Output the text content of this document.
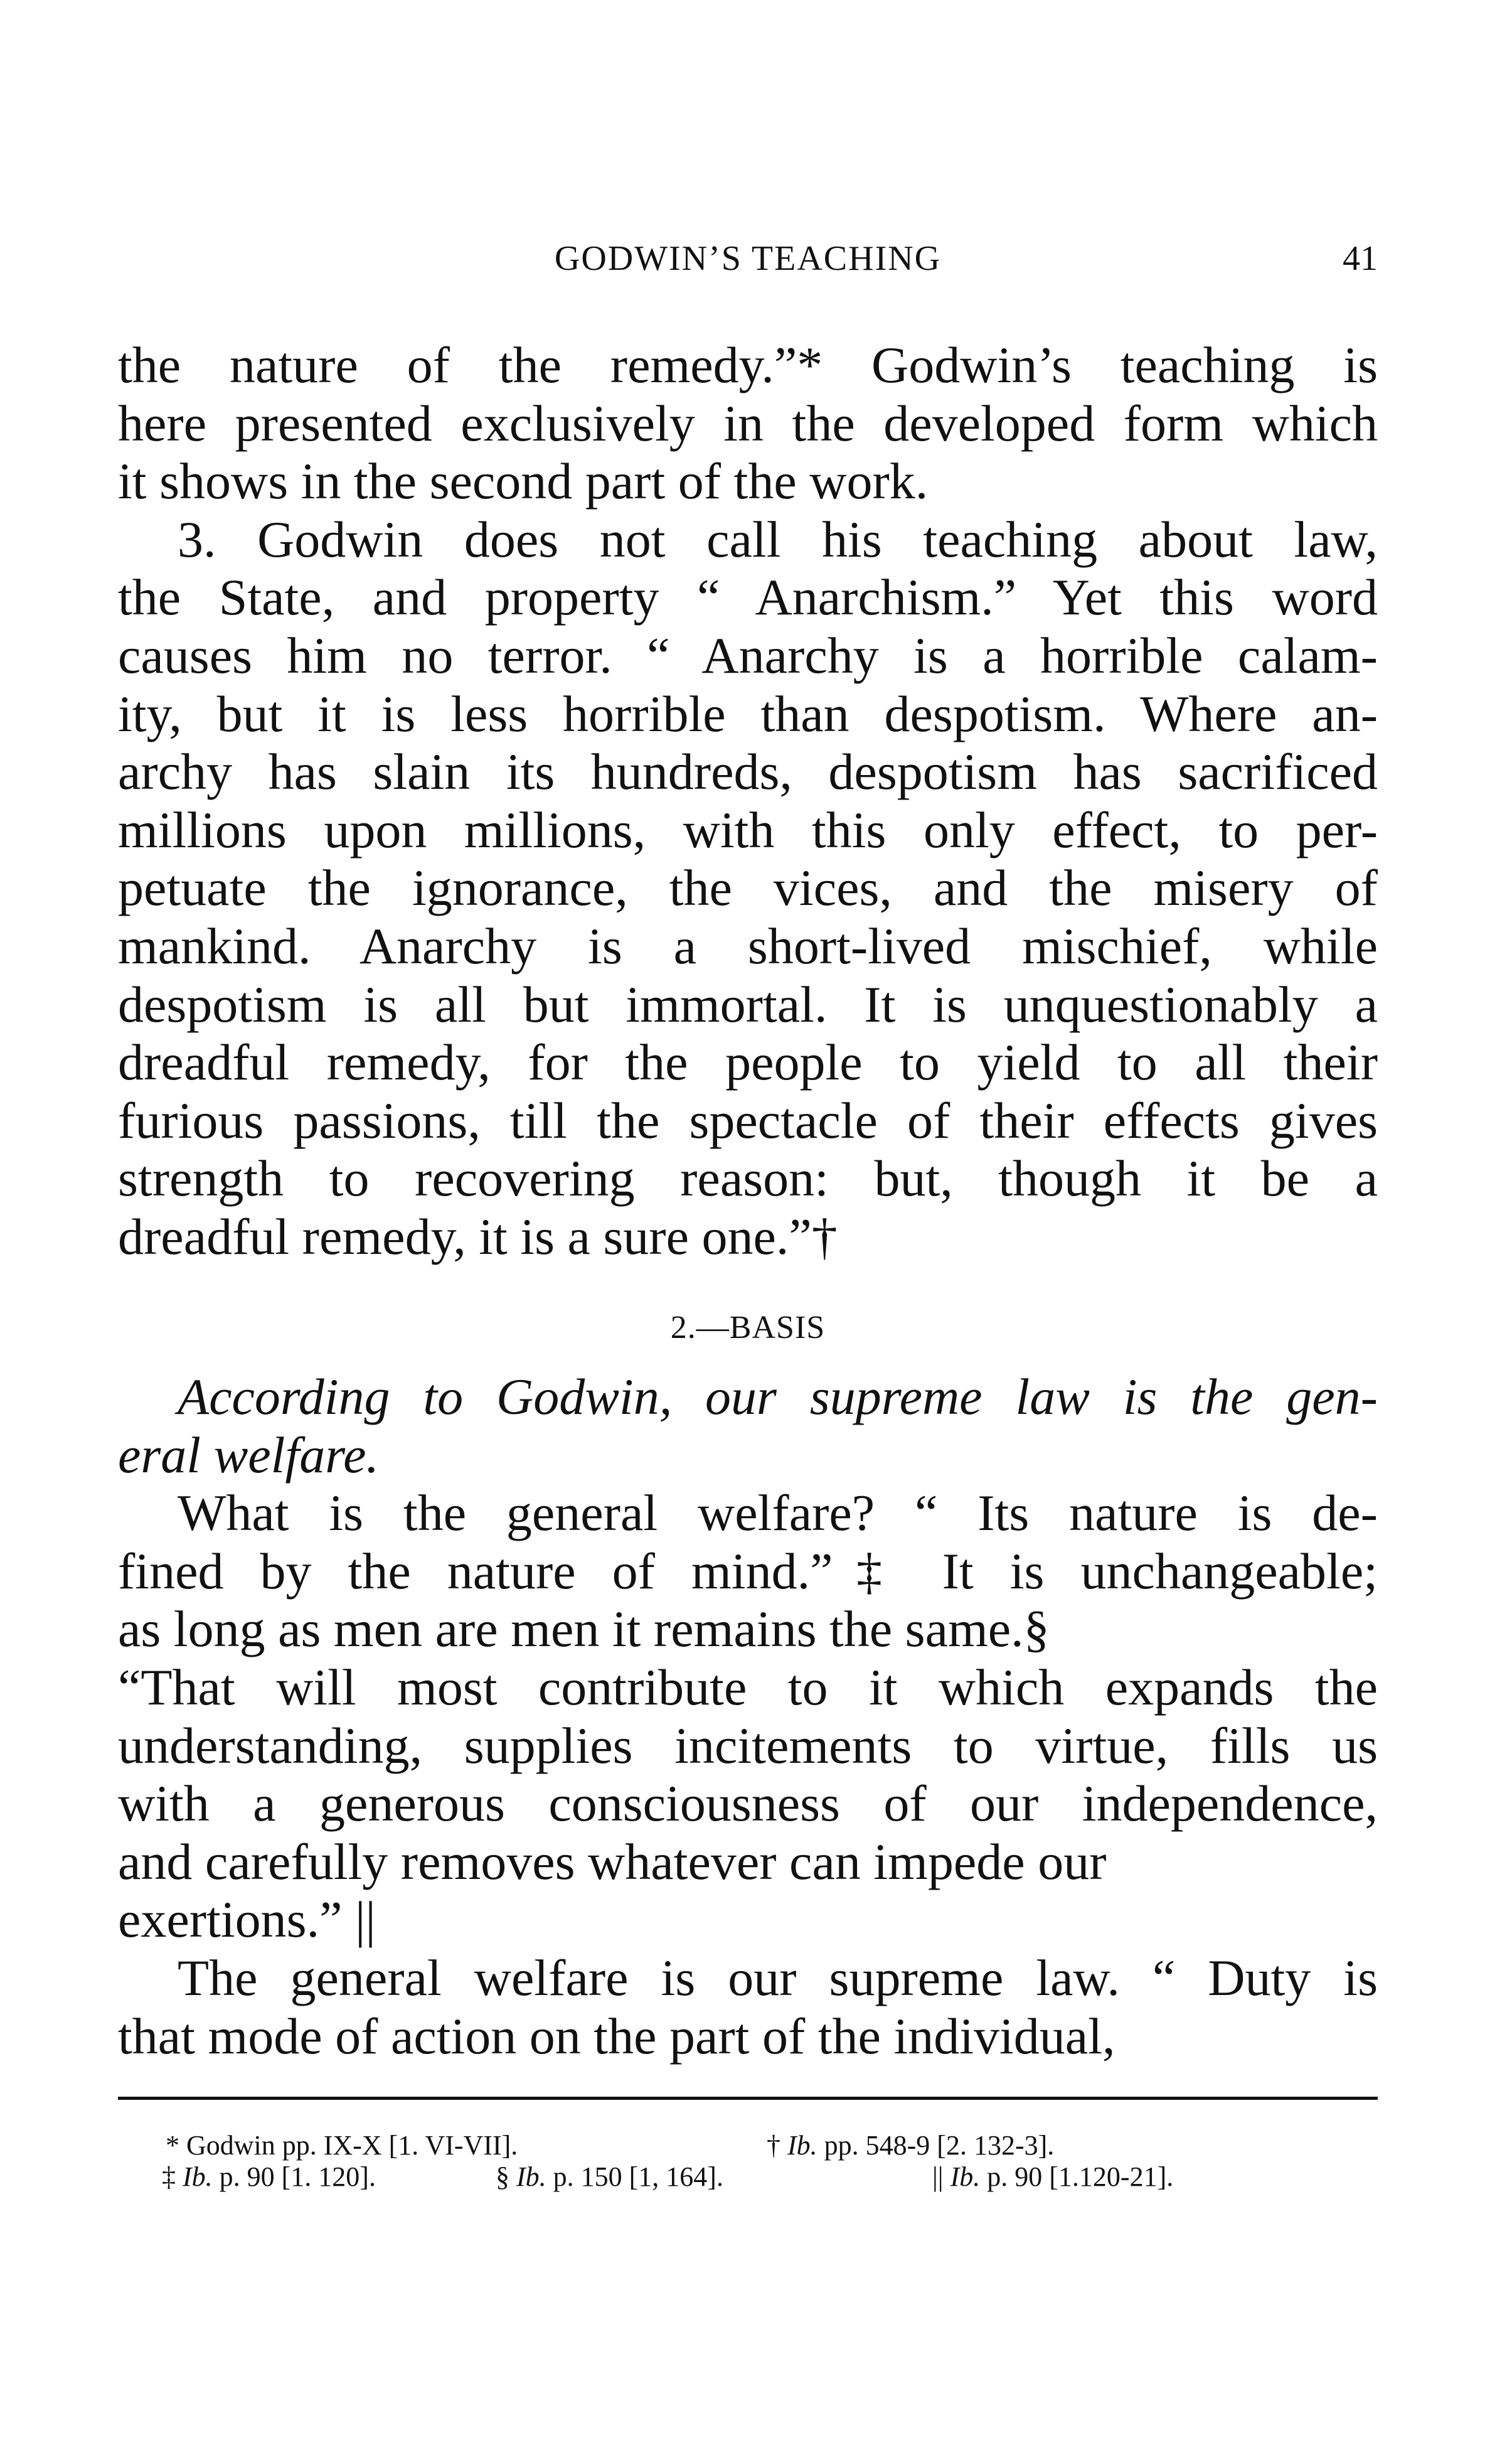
GODWIN’S TEACHING	41
the nature of the remedy.”* Godwin’s teaching is
here presented exclusively in the developed form which
it shows in the second part of the work.
3. Godwin does not call his teaching about law,
the State, and property “ Anarchism.” Yet this word
causes him no terror. “ Anarchy is a horrible calam-
ity, but it is less horrible than despotism. Where an-
archy has slain its hundreds, despotism has sacrificed
millions upon millions, with this only effect, to per-
petuate the ignorance, the vices, and the misery of
mankind. Anarchy is a short-lived mischief, while
despotism is all but immortal. It is unquestionably a
dreadful remedy, for the people to yield to all their
furious passions, till the spectacle of their effects gives
strength to recovering reason: but, though it be a
dreadful remedy, it is a sure one.”†
2.—BASIS
According to Godwin, our supreme law is the gen-
eral welfare.
What is the general welfare? “ Its nature is de-
fined by the nature of mind.”‡ It is unchangeable;
as long as men are men it remains the same.§
“That will most contribute to it which expands the
understanding, supplies incitements to virtue, fills us
with a generous consciousness of our independence,
and carefully removes whatever can impede our
exertions.” ||
The general welfare is our supreme law. “ Duty is
that mode of action on the part of the individual,
* Godwin pp. IX-X [1. VI-VII].	† Ib. pp. 548-9 [2. 132-3].
‡ Ib. p. 90 [1. 120].	§ Ib. p. 150 [1, 164].	|| Ib. p. 90 [1.120-21].
